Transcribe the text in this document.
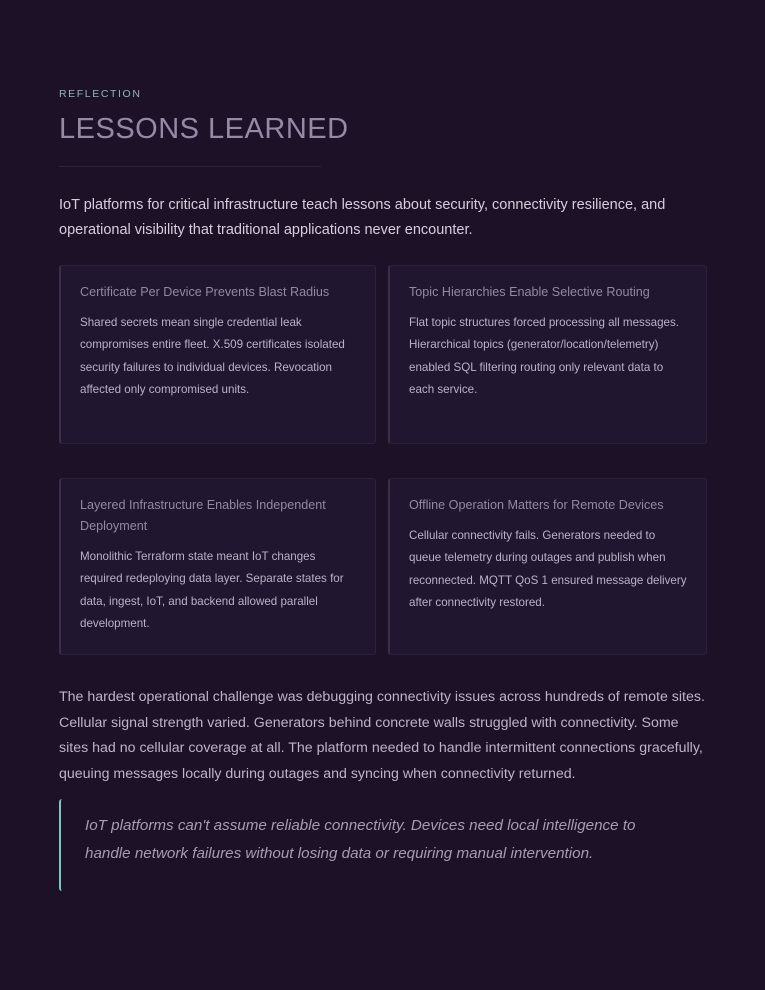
REFLECTION
LESSONS LEARNED

IoT platforms for critical infrastructure teach lessons about security, connectivity resilience, and operational visibility that traditional applications never encounter.

Certificate Per Device Prevents Blast Radius

Shared secrets mean single credential leak compromises entire fleet. X.509 certificates isolated security failures to individual devices. Revocation affected only compromised units.

Topic Hierarchies Enable Selective Routing

Flat topic structures forced processing all messages. Hierarchical topics (generator/location/telemetry) enabled SQL filtering routing only relevant data to each service.

Layered Infrastructure Enables Independent Deployment

Monolithic Terraform state meant IoT changes required redeploying data layer. Separate states for data, ingest, IoT, and backend allowed parallel development.

Offline Operation Matters for Remote Devices

Cellular connectivity fails. Generators needed to queue telemetry during outages and publish when reconnected. MQTT QoS 1 ensured message delivery after connectivity restored.

The hardest operational challenge was debugging connectivity issues across hundreds of remote sites. Cellular signal strength varied. Generators behind concrete walls struggled with connectivity. Some sites had no cellular coverage at all. The platform needed to handle intermittent connections gracefully, queuing messages locally during outages and syncing when connectivity returned.

IoT platforms can't assume reliable connectivity. Devices need local intelligence to handle network failures without losing data or requiring manual intervention.
